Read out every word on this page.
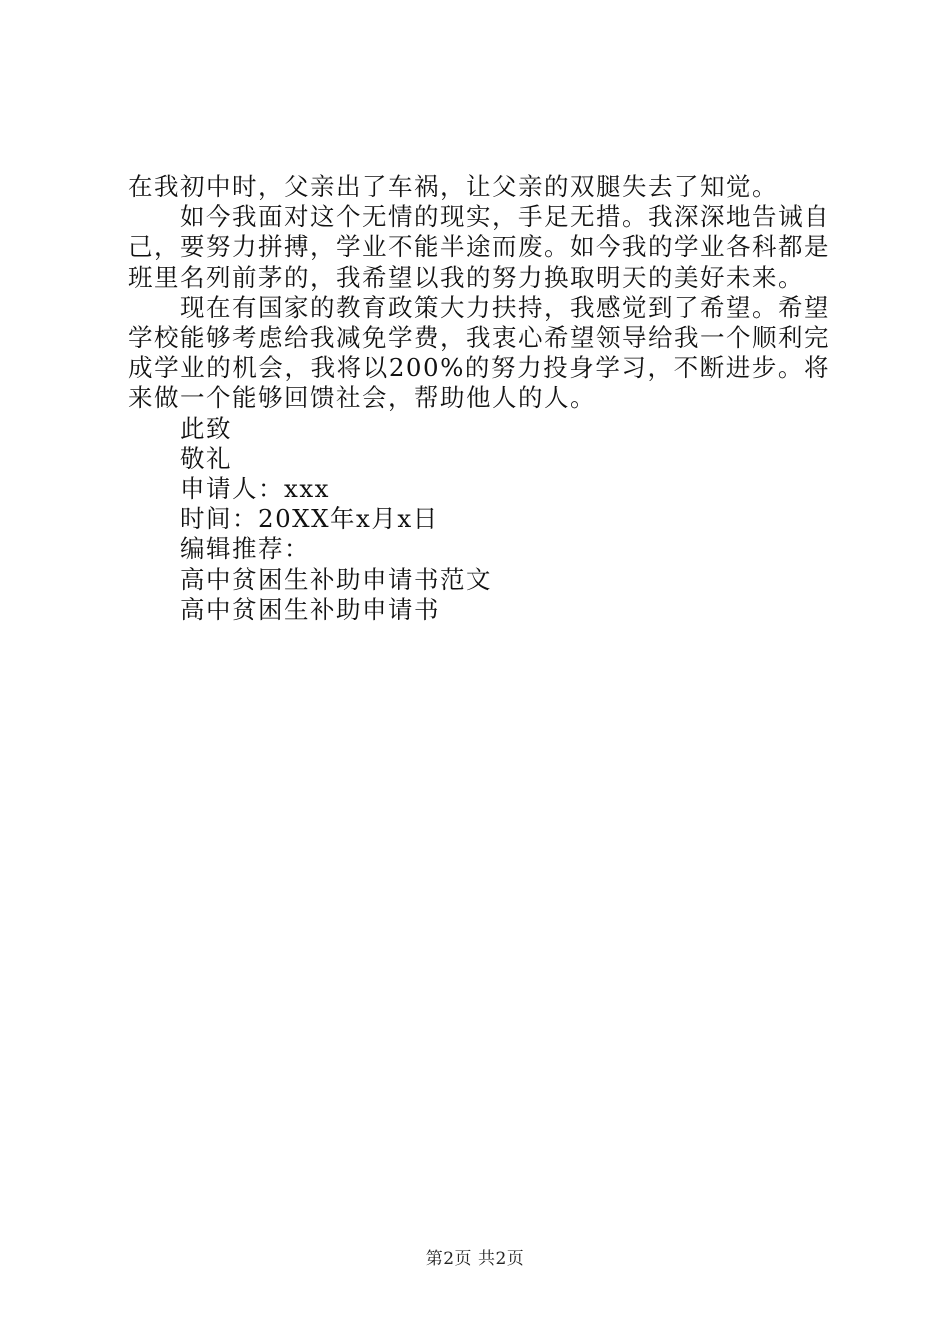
在我初中时，父亲出了车祸，让父亲的双腿失去了知觉。

如今我面对这个无情的现实，手足无措。我深深地告诫自己，要努力拼搏，学业不能半途而废。如今我的学业各科都是班里名列前茅的，我希望以我的努力换取明天的美好未来。

现在有国家的教育政策大力扶持，我感觉到了希望。希望学校能够考虑给我减免学费，我衷心希望领导给我一个顺利完成学业的机会，我将以200%的努力投身学习，不断进步。将来做一个能够回馈社会，帮助他人的人。

此致

敬礼

申请人：xxx

时间：20XX年x月x日

编辑推荐：

高中贫困生补助申请书范文

高中贫困生补助申请书

第2页 共2页
